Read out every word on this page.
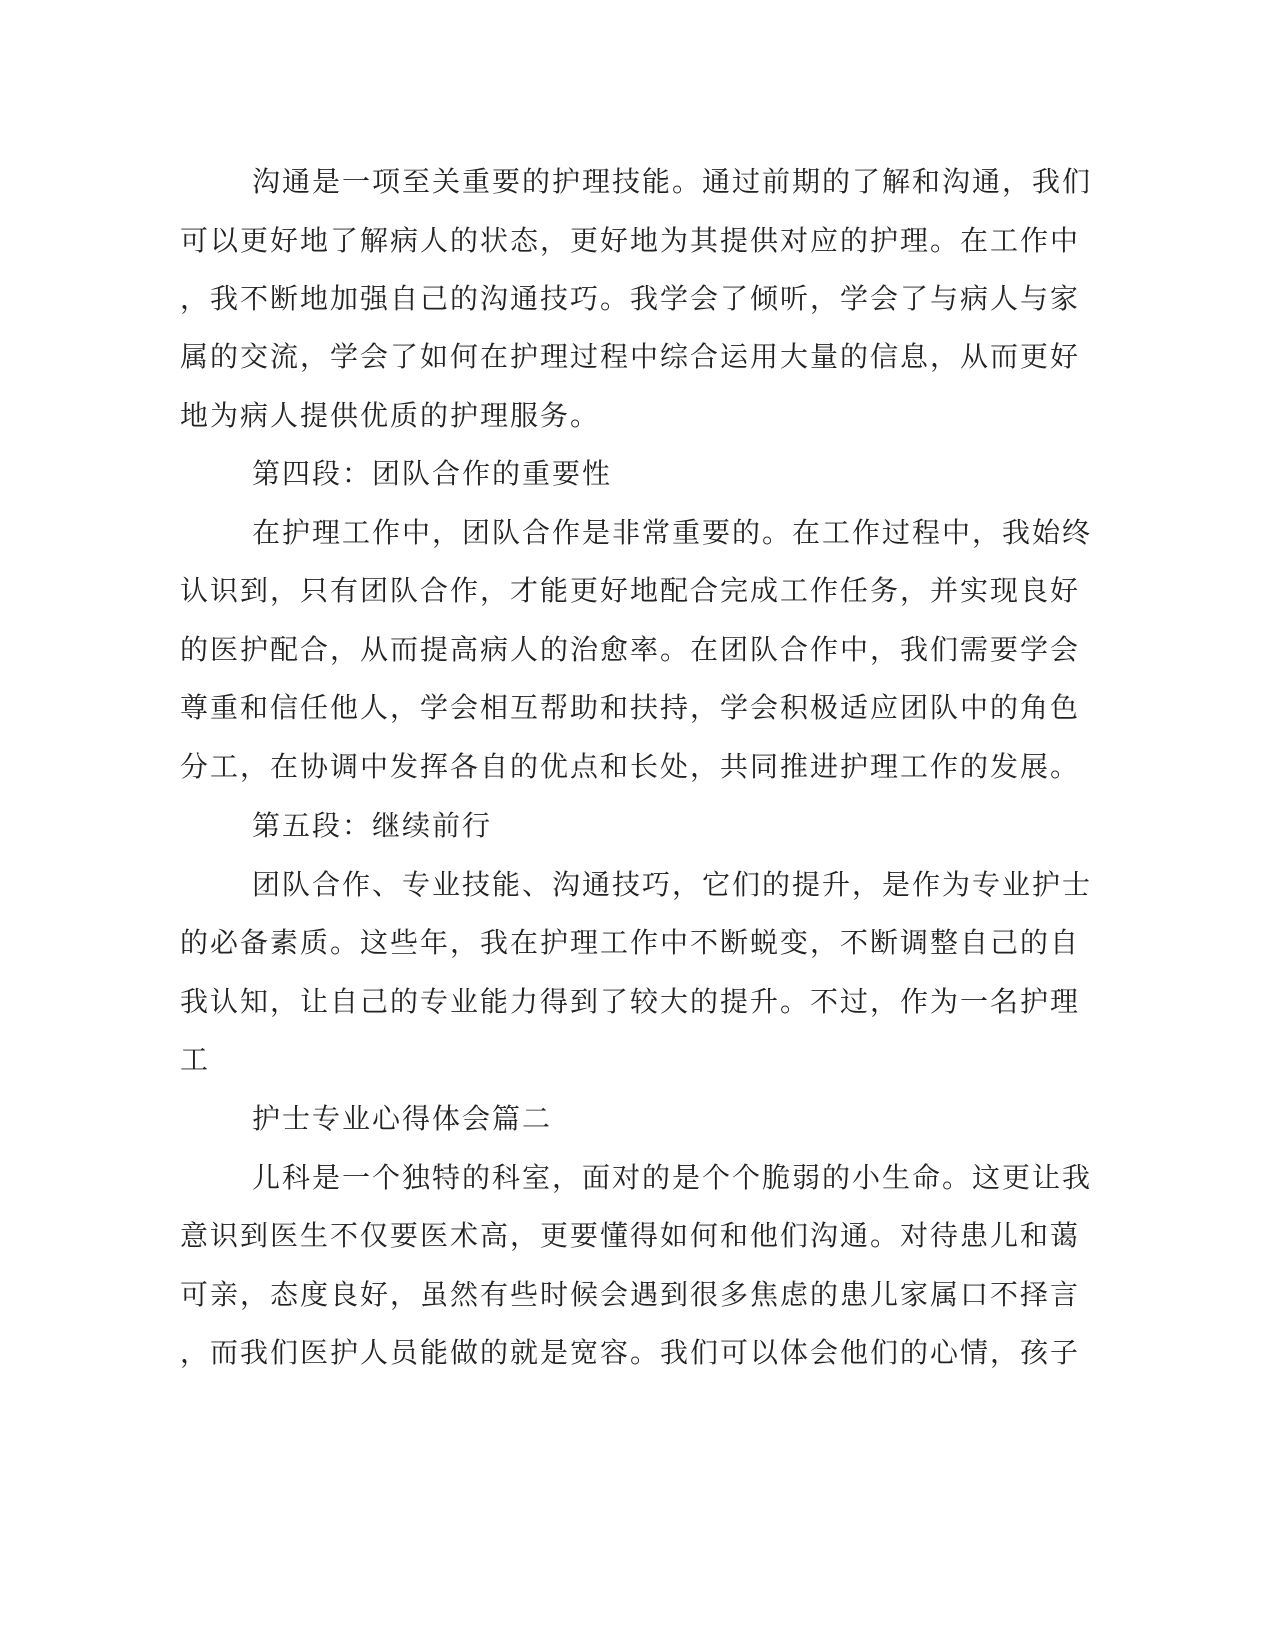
沟通是一项至关重要的护理技能。通过前期的了解和沟通，我们

可以更好地了解病人的状态，更好地为其提供对应的护理。在工作中

，我不断地加强自己的沟通技巧。我学会了倾听，学会了与病人与家

属的交流，学会了如何在护理过程中综合运用大量的信息，从而更好

地为病人提供优质的护理服务。

第四段：团队合作的重要性

在护理工作中，团队合作是非常重要的。在工作过程中，我始终

认识到，只有团队合作，才能更好地配合完成工作任务，并实现良好

的医护配合，从而提高病人的治愈率。在团队合作中，我们需要学会

尊重和信任他人，学会相互帮助和扶持，学会积极适应团队中的角色

分工，在协调中发挥各自的优点和长处，共同推进护理工作的发展。

第五段：继续前行

团队合作、专业技能、沟通技巧，它们的提升，是作为专业护士

的必备素质。这些年，我在护理工作中不断蜕变，不断调整自己的自

我认知，让自己的专业能力得到了较大的提升。不过，作为一名护理

工

护士专业心得体会篇二

儿科是一个独特的科室，面对的是个个脆弱的小生命。这更让我

意识到医生不仅要医术高，更要懂得如何和他们沟通。对待患儿和蔼

可亲，态度良好，虽然有些时候会遇到很多焦虑的患儿家属口不择言

，而我们医护人员能做的就是宽容。我们可以体会他们的心情，孩子
